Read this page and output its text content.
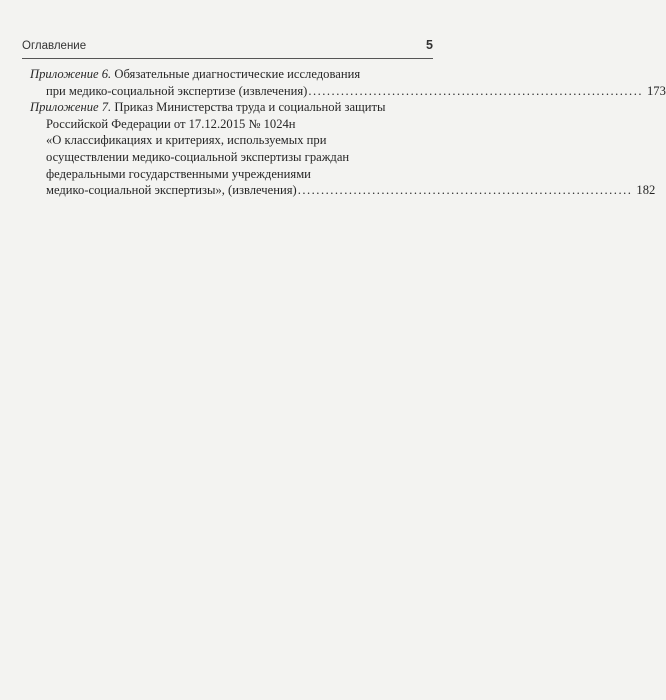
Оглавление	5
Приложение 6. Обязательные диагностические исследования
при медико-социальной экспертизе (извлечения) ........................................................................ 173
Приложение 7. Приказ Министерства труда и социальной защиты
Российской Федерации от 17.12.2015 № 1024н
«О классификациях и критериях, используемых при
осуществлении медико-социальной экспертизы граждан
федеральными государственными учреждениями
медико-социальной экспертизы», (извлечения) ........................................................................ 182
